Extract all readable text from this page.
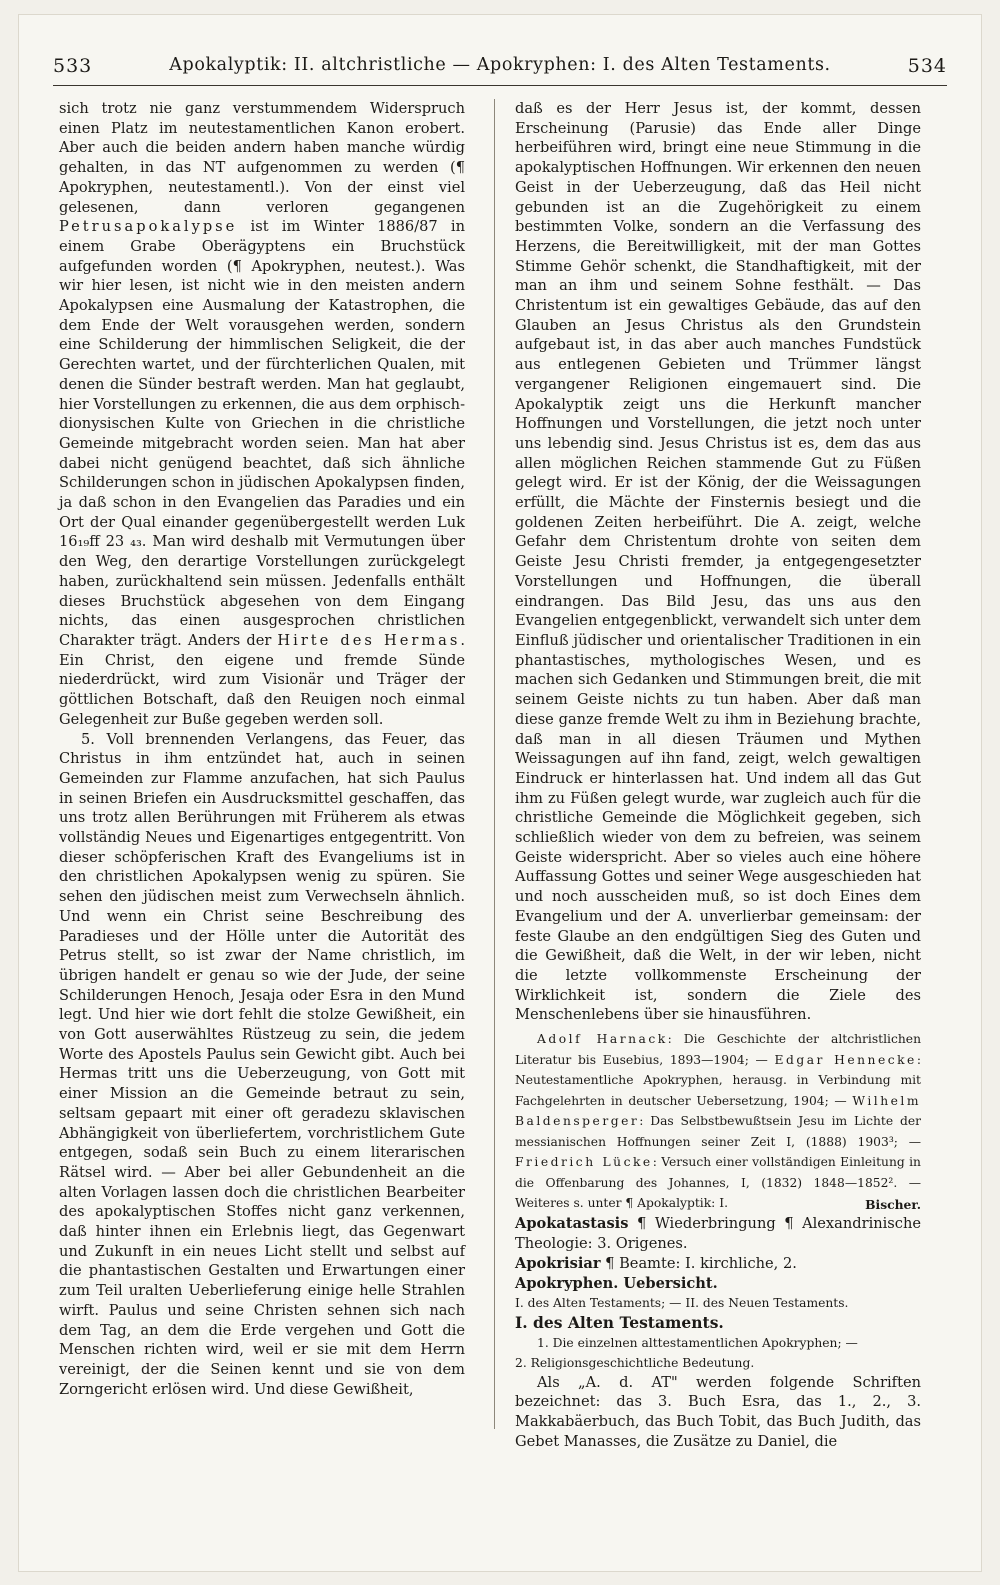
533	Apokalyptik: II. altchristliche — Apokryphen: I. des Alten Testaments.	534

sich trotz nie ganz verstummendem Widerspruch einen Platz im neutestamentlichen Kanon erobert. Aber auch die beiden andern haben manche würdig gehalten, in das NT aufgenommen zu werden (¶ Apokryphen, neutestamentl.). Von der einst viel gelesenen, dann verloren gegangenen Petrusapokalypse ist im Winter 1886/87 in einem Grabe Oberägyptens ein Bruchstück aufgefunden worden (¶ Apokryphen, neutest.). Was wir hier lesen, ist nicht wie in den meisten andern Apokalypsen eine Ausmalung der Katastrophen, die dem Ende der Welt vorausgehen werden, sondern eine Schilderung der himmlischen Seligkeit, die der Gerechten wartet, und der fürchterlichen Qualen, mit denen die Sünder bestraft werden. Man hat geglaubt, hier Vorstellungen zu erkennen, die aus dem orphisch-dionysischen Kulte von Griechen in die christliche Gemeinde mitgebracht worden seien. Man hat aber dabei nicht genügend beachtet, daß sich ähnliche Schilderungen schon in jüdischen Apokalypsen finden, ja daß schon in den Evangelien das Paradies und ein Ort der Qual einander gegenübergestellt werden Luk 16₁₉ff 23 ₄₃. Man wird deshalb mit Vermutungen über den Weg, den derartige Vorstellungen zurückgelegt haben, zurückhaltend sein müssen. Jedenfalls enthält dieses Bruchstück abgesehen von dem Eingang nichts, das einen ausgesprochen christlichen Charakter trägt. Anders der Hirte des Hermas. Ein Christ, den eigene und fremde Sünde niederdrückt, wird zum Visionär und Träger der göttlichen Botschaft, daß den Reuigen noch einmal Gelegenheit zur Buße gegeben werden soll.

5. Voll brennenden Verlangens, das Feuer, das Christus in ihm entzündet hat, auch in seinen Gemeinden zur Flamme anzufachen, hat sich Paulus in seinen Briefen ein Ausdrucksmittel geschaffen, das uns trotz allen Berührungen mit Früherem als etwas vollständig Neues und Eigenartiges entgegentritt. Von dieser schöpferischen Kraft des Evangeliums ist in den christlichen Apokalypsen wenig zu spüren. Sie sehen den jüdischen meist zum Verwechseln ähnlich. Und wenn ein Christ seine Beschreibung des Paradieses und der Hölle unter die Autorität des Petrus stellt, so ist zwar der Name christlich, im übrigen handelt er genau so wie der Jude, der seine Schilderungen Henoch, Jesaja oder Esra in den Mund legt. Und hier wie dort fehlt die stolze Gewißheit, ein von Gott auserwähltes Rüstzeug zu sein, die jedem Worte des Apostels Paulus sein Gewicht gibt. Auch bei Hermas tritt uns die Ueberzeugung, von Gott mit einer Mission an die Gemeinde betraut zu sein, seltsam gepaart mit einer oft geradezu sklavischen Abhängigkeit von überliefertem, vorchristlichem Gute entgegen, sodaß sein Buch zu einem literarischen Rätsel wird. — Aber bei aller Gebundenheit an die alten Vorlagen lassen doch die christlichen Bearbeiter des apokalyptischen Stoffes nicht ganz verkennen, daß hinter ihnen ein Erlebnis liegt, das Gegenwart und Zukunft in ein neues Licht stellt und selbst auf die phantastischen Gestalten und Erwartungen einer zum Teil uralten Ueberlieferung einige helle Strahlen wirft. Paulus und seine Christen sehnen sich nach dem Tag, an dem die Erde vergehen und Gott die Menschen richten wird, weil er sie mit dem Herrn vereinigt, der die Seinen kennt und sie von dem Zorngericht erlösen wird. Und diese Gewißheit,

daß es der Herr Jesus ist, der kommt, dessen Erscheinung (Parusie) das Ende aller Dinge herbeiführen wird, bringt eine neue Stimmung in die apokalyptischen Hoffnungen. Wir erkennen den neuen Geist in der Ueberzeugung, daß das Heil nicht gebunden ist an die Zugehörigkeit zu einem bestimmten Volke, sondern an die Verfassung des Herzens, die Bereitwilligkeit, mit der man Gottes Stimme Gehör schenkt, die Standhaftigkeit, mit der man an ihm und seinem Sohne festhält. — Das Christentum ist ein gewaltiges Gebäude, das auf den Glauben an Jesus Christus als den Grundstein aufgebaut ist, in das aber auch manches Fundstück aus entlegenen Gebieten und Trümmer längst vergangener Religionen eingemauert sind. Die Apokalyptik zeigt uns die Herkunft mancher Hoffnungen und Vorstellungen, die jetzt noch unter uns lebendig sind. Jesus Christus ist es, dem das aus allen möglichen Reichen stammende Gut zu Füßen gelegt wird. Er ist der König, der die Weissagungen erfüllt, die Mächte der Finsternis besiegt und die goldenen Zeiten herbeiführt. Die A. zeigt, welche Gefahr dem Christentum drohte von seiten dem Geiste Jesu Christi fremder, ja entgegengesetzter Vorstellungen und Hoffnungen, die überall eindrangen. Das Bild Jesu, das uns aus den Evangelien entgegenblickt, verwandelt sich unter dem Einfluß jüdischer und orientalischer Traditionen in ein phantastisches, mythologisches Wesen, und es machen sich Gedanken und Stimmungen breit, die mit seinem Geiste nichts zu tun haben. Aber daß man diese ganze fremde Welt zu ihm in Beziehung brachte, daß man in all diesen Träumen und Mythen Weissagungen auf ihn fand, zeigt, welch gewaltigen Eindruck er hinterlassen hat. Und indem all das Gut ihm zu Füßen gelegt wurde, war zugleich auch für die christliche Gemeinde die Möglichkeit gegeben, sich schließlich wieder von dem zu befreien, was seinem Geiste widerspricht. Aber so vieles auch eine höhere Auffassung Gottes und seiner Wege ausgeschieden hat und noch ausscheiden muß, so ist doch Eines dem Evangelium und der A. unverlierbar gemeinsam: der feste Glaube an den endgültigen Sieg des Guten und die Gewißheit, daß die Welt, in der wir leben, nicht die letzte vollkommenste Erscheinung der Wirklichkeit ist, sondern die Ziele des Menschenlebens über sie hinausführen.

Adolf Harnack: Die Geschichte der altchristlichen Literatur bis Eusebius, 1893—1904; — Edgar Hennecke: Neutestamentliche Apokryphen, herausg. in Verbindung mit Fachgelehrten in deutscher Uebersetzung, 1904; — Wilhelm Baldensperger: Das Selbstbewußtsein Jesu im Lichte der messianischen Hoffnungen seiner Zeit I, (1888) 1903³; — Friedrich Lücke: Versuch einer vollständigen Einleitung in die Offenbarung des Johannes, I, (1832) 1848—1852². — Weiteres s. unter ¶ Apokalyptik: I.	Bischer.

Apokatastasis ¶ Wiederbringung ¶ Alexandrinische Theologie: 3. Origenes.

Apokrisiar ¶ Beamte: I. kirchliche, 2.

Apokryphen. Uebersicht.

I. des Alten Testaments; — II. des Neuen Testaments.

I. des Alten Testaments.

1. Die einzelnen alttestamentlichen Apokryphen; —

2. Religionsgeschichtliche Bedeutung.

Als „A. d. AT" werden folgende Schriften bezeichnet: das 3. Buch Esra, das 1., 2., 3. Makkabäerbuch, das Buch Tobit, das Buch Judith, das Gebet Manasses, die Zusätze zu Daniel, die
